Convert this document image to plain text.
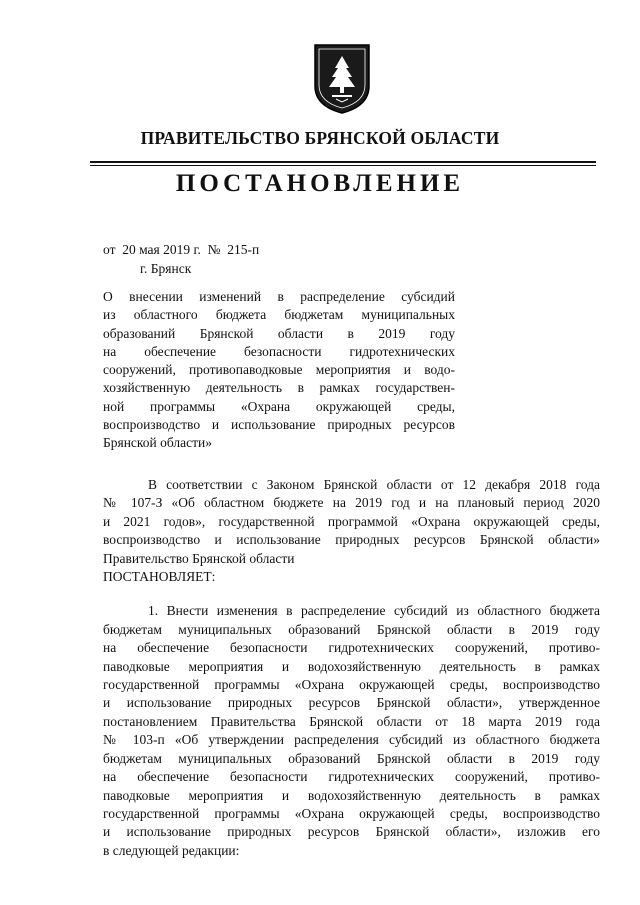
ПРАВИТЕЛЬСТВО БРЯНСКОЙ ОБЛАСТИ
ПОСТАНОВЛЕНИЕ
от  20 мая 2019 г.  №  215-п
г. Брянск
О внесении изменений в распределение субсидий
из областного бюджета бюджетам муниципальных
образований Брянской области в 2019 году
на обеспечение безопасности гидротехнических
сооружений, противопаводковые мероприятия и водо-
хозяйственную деятельность в рамках государствен-
ной программы «Охрана окружающей среды,
воспроизводство и использование природных ресурсов
Брянской области»
В соответствии с Законом Брянской области от 12 декабря 2018 года
№ 107-З «Об областном бюджете на 2019 год и на плановый период 2020
и 2021 годов», государственной программой «Охрана окружающей среды,
воспроизводство и использование природных ресурсов Брянской области»
Правительство Брянской области
ПОСТАНОВЛЯЕТ:
1. Внести изменения в распределение субсидий из областного бюджета
бюджетам муниципальных образований Брянской области в 2019 году
на обеспечение безопасности гидротехнических сооружений, противо-
паводковые мероприятия и водохозяйственную деятельность в рамках
государственной программы «Охрана окружающей среды, воспроизводство
и использование природных ресурсов Брянской области», утвержденное
постановлением Правительства Брянской области от 18 марта 2019 года
№ 103-п «Об утверждении распределения субсидий из областного бюджета
бюджетам муниципальных образований Брянской области в 2019 году
на обеспечение безопасности гидротехнических сооружений, противо-
паводковые мероприятия и водохозяйственную деятельность в рамках
государственной программы «Охрана окружающей среды, воспроизводство
и использование природных ресурсов Брянской области», изложив его
в следующей редакции:
